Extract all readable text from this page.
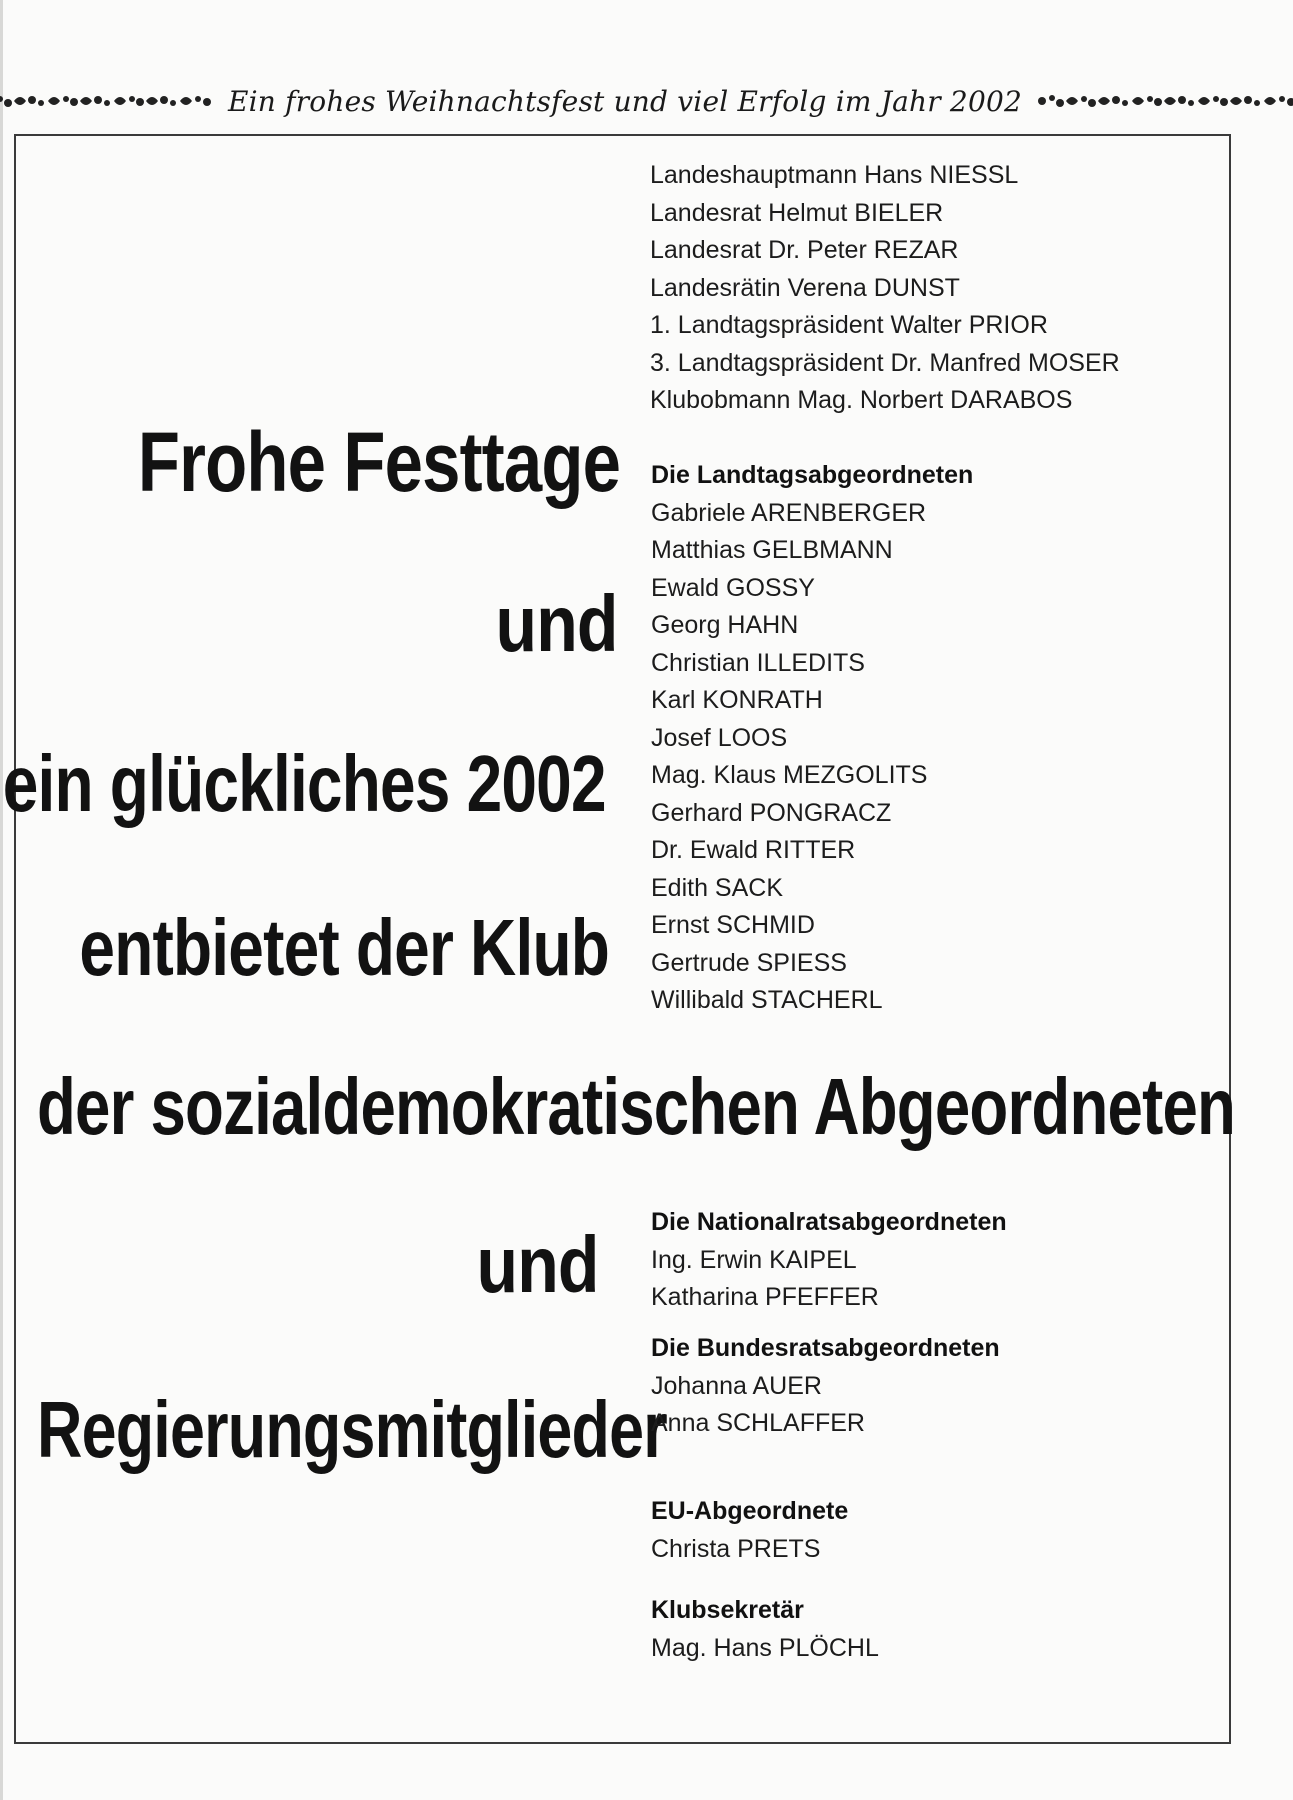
Ein frohes Weihnachtsfest und viel Erfolg im Jahr 2002
Frohe Festtage

und

ein glückliches 2002

entbietet der Klub

der sozialdemokratischen Abgeordneten

und

Regierungsmitglieder

Landeshauptmann Hans NIESSL
Landesrat Helmut BIELER
Landesrat Dr. Peter REZAR
Landesrätin Verena DUNST
1. Landtagspräsident Walter PRIOR
3. Landtagspräsident Dr. Manfred MOSER
Klubobmann Mag. Norbert DARABOS
Die Landtagsabgeordneten
Gabriele ARENBERGER
Matthias GELBMANN
Ewald GOSSY
Georg HAHN
Christian ILLEDITS
Karl KONRATH
Josef LOOS
Mag. Klaus MEZGOLITS
Gerhard PONGRACZ
Dr. Ewald RITTER
Edith SACK
Ernst SCHMID
Gertrude SPIESS
Willibald STACHERL
Die Nationalratsabgeordneten
Ing. Erwin KAIPEL
Katharina PFEFFER
Die Bundesratsabgeordneten
Johanna AUER
Anna SCHLAFFER
EU-Abgeordnete
Christa PRETS
Klubsekretär
Mag. Hans PLÖCHL
